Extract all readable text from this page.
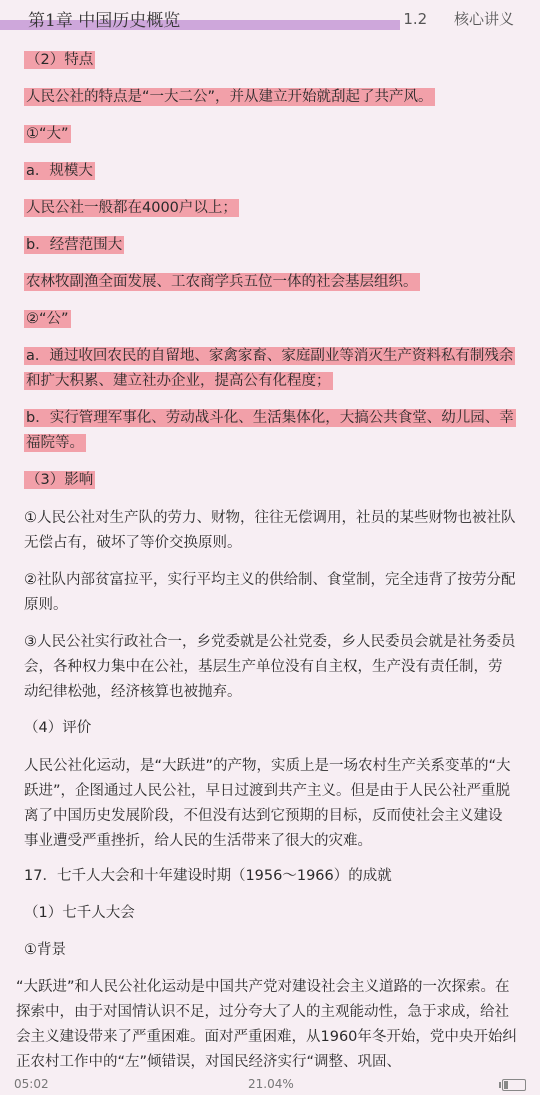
第1章 中国历史概览	1.2 核心讲义
（2）特点
人民公社的特点是“一大二公”，并从建立开始就刮起了共产风。
①“大”
a．规模大
人民公社一般都在4000户以上；
b．经营范围大
农林牧副渔全面发展、工农商学兵五位一体的社会基层组织。
②“公”
a．通过收回农民的自留地、家禽家畜、家庭副业等消灭生产资料私有制残余和扩大积累、建立社办企业，提高公有化程度；
b．实行管理军事化、劳动战斗化、生活集体化，大搞公共食堂、幼儿园、幸福院等。
（3）影响
①人民公社对生产队的劳力、财物，往往无偿调用，社员的某些财物也被社队无偿占有，破坏了等价交换原则。
②社队内部贫富拉平，实行平均主义的供给制、食堂制，完全违背了按劳分配原则。
③人民公社实行政社合一，乡党委就是公社党委，乡人民委员会就是社务委员会，各种权力集中在公社，基层生产单位没有自主权，生产没有责任制，劳动纪律松弛，经济核算也被抛弃。
（4）评价
人民公社化运动，是“大跃进”的产物，实质上是一场农村生产关系变革的“大跃进”，企图通过人民公社，早日过渡到共产主义。但是由于人民公社严重脱离了中国历史发展阶段，不但没有达到它预期的目标，反而使社会主义建设事业遭受严重挫折，给人民的生活带来了很大的灾难。
17．七千人大会和十年建设时期（1956～1966）的成就
（1）七千人大会
①背景
“大跃进”和人民公社化运动是中国共产党对建设社会主义道路的一次探索。在探索中，由于对国情认识不足，过分夸大了人的主观能动性，急于求成，给社会主义建设带来了严重困难。面对严重困难，从1960年冬开始，党中央开始纠正农村工作中的“左”倾错误，对国民经济实行“调整、巩固、
05:02	21.04%
